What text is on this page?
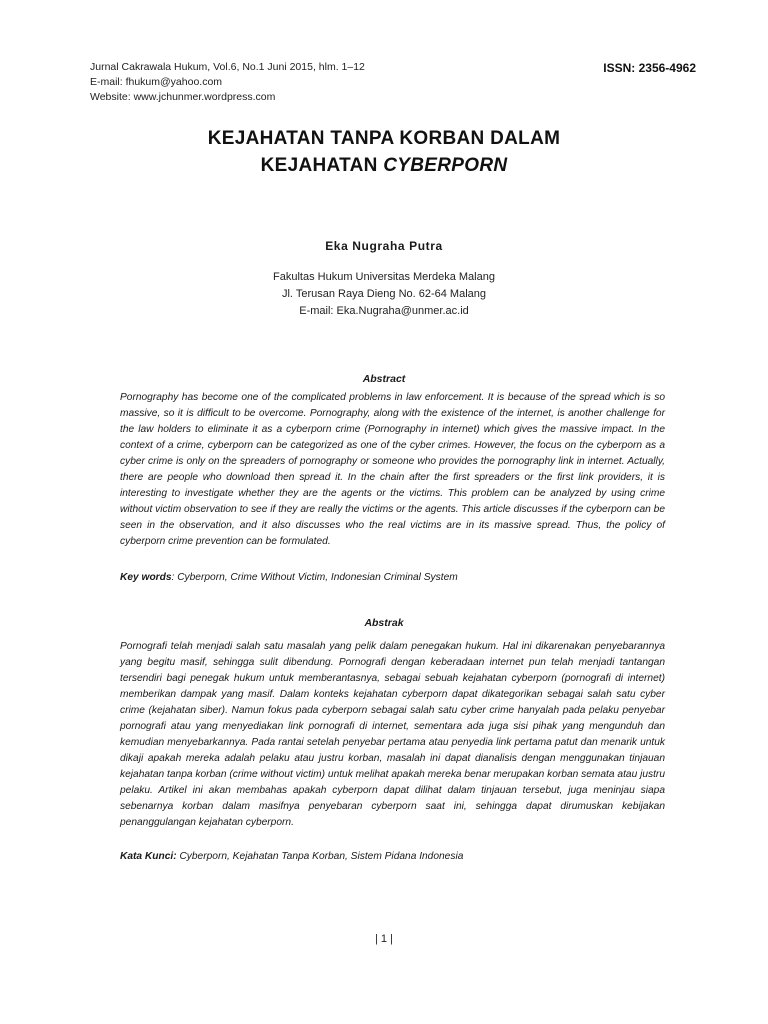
Jurnal Cakrawala Hukum, Vol.6, No.1 Juni 2015, hlm. 1–12
E-mail: fhukum@yahoo.com
Website: www.jchunmer.wordpress.com
ISSN: 2356-4962
KEJAHATAN TANPA KORBAN DALAM
KEJAHATAN CYBERPORN
Eka Nugraha Putra
Fakultas Hukum Universitas Merdeka Malang
Jl. Terusan Raya Dieng No. 62-64 Malang
E-mail: Eka.Nugraha@unmer.ac.id
Abstract
Pornography has become one of the complicated problems in law enforcement. It is because of the spread which is so massive, so it is difficult to be overcome. Pornography, along with the existence of the internet, is another challenge for the law holders to eliminate it as a cyberporn crime (Pornography in internet) which gives the massive impact. In the context of a crime, cyberporn can be categorized as one of the cyber crimes. However, the focus on the cyberporn as a cyber crime is only on the spreaders of pornography or someone who provides the pornography link in internet. Actually, there are people who download then spread it. In the chain after the first spreaders or the first link providers, it is interesting to investigate whether they are the agents or the victims. This problem can be analyzed by using crime without victim observation to see if they are really the victims or the agents. This article discusses if the cyberporn can be seen in the observation, and it also discusses who the real victims are in its massive spread. Thus, the policy of cyberporn crime prevention can be formulated.
Key words: Cyberporn, Crime Without Victim, Indonesian Criminal System
Abstrak
Pornografi telah menjadi salah satu masalah yang pelik dalam penegakan hukum. Hal ini dikarenakan penyebarannya yang begitu masif, sehingga sulit dibendung. Pornografi dengan keberadaan internet pun telah menjadi tantangan tersendiri bagi penegak hukum untuk memberantasnya, sebagai sebuah kejahatan cyberporn (pornografi di internet) memberikan dampak yang masif. Dalam konteks kejahatan cyberporn dapat dikategorikan sebagai salah satu cyber crime (kejahatan siber). Namun fokus pada cyberporn sebagai salah satu cyber crime hanyalah pada pelaku penyebar pornografi atau yang menyediakan link pornografi di internet, sementara ada juga sisi pihak yang mengunduh dan kemudian menyebarkannya. Pada rantai setelah penyebar pertama atau penyedia link pertama patut dan menarik untuk dikaji apakah mereka adalah pelaku atau justru korban, masalah ini dapat dianalisis dengan menggunakan tinjauan kejahatan tanpa korban (crime without victim) untuk melihat apakah mereka benar merupakan korban semata atau justru pelaku. Artikel ini akan membahas apakah cyberporn dapat dilihat dalam tinjauan tersebut, juga meninjau siapa sebenarnya korban dalam masifnya penyebaran cyberporn saat ini, sehingga dapat dirumuskan kebijakan penanggulangan kejahatan cyberporn.
Kata Kunci: Cyberporn, Kejahatan Tanpa Korban, Sistem Pidana Indonesia
| 1 |
